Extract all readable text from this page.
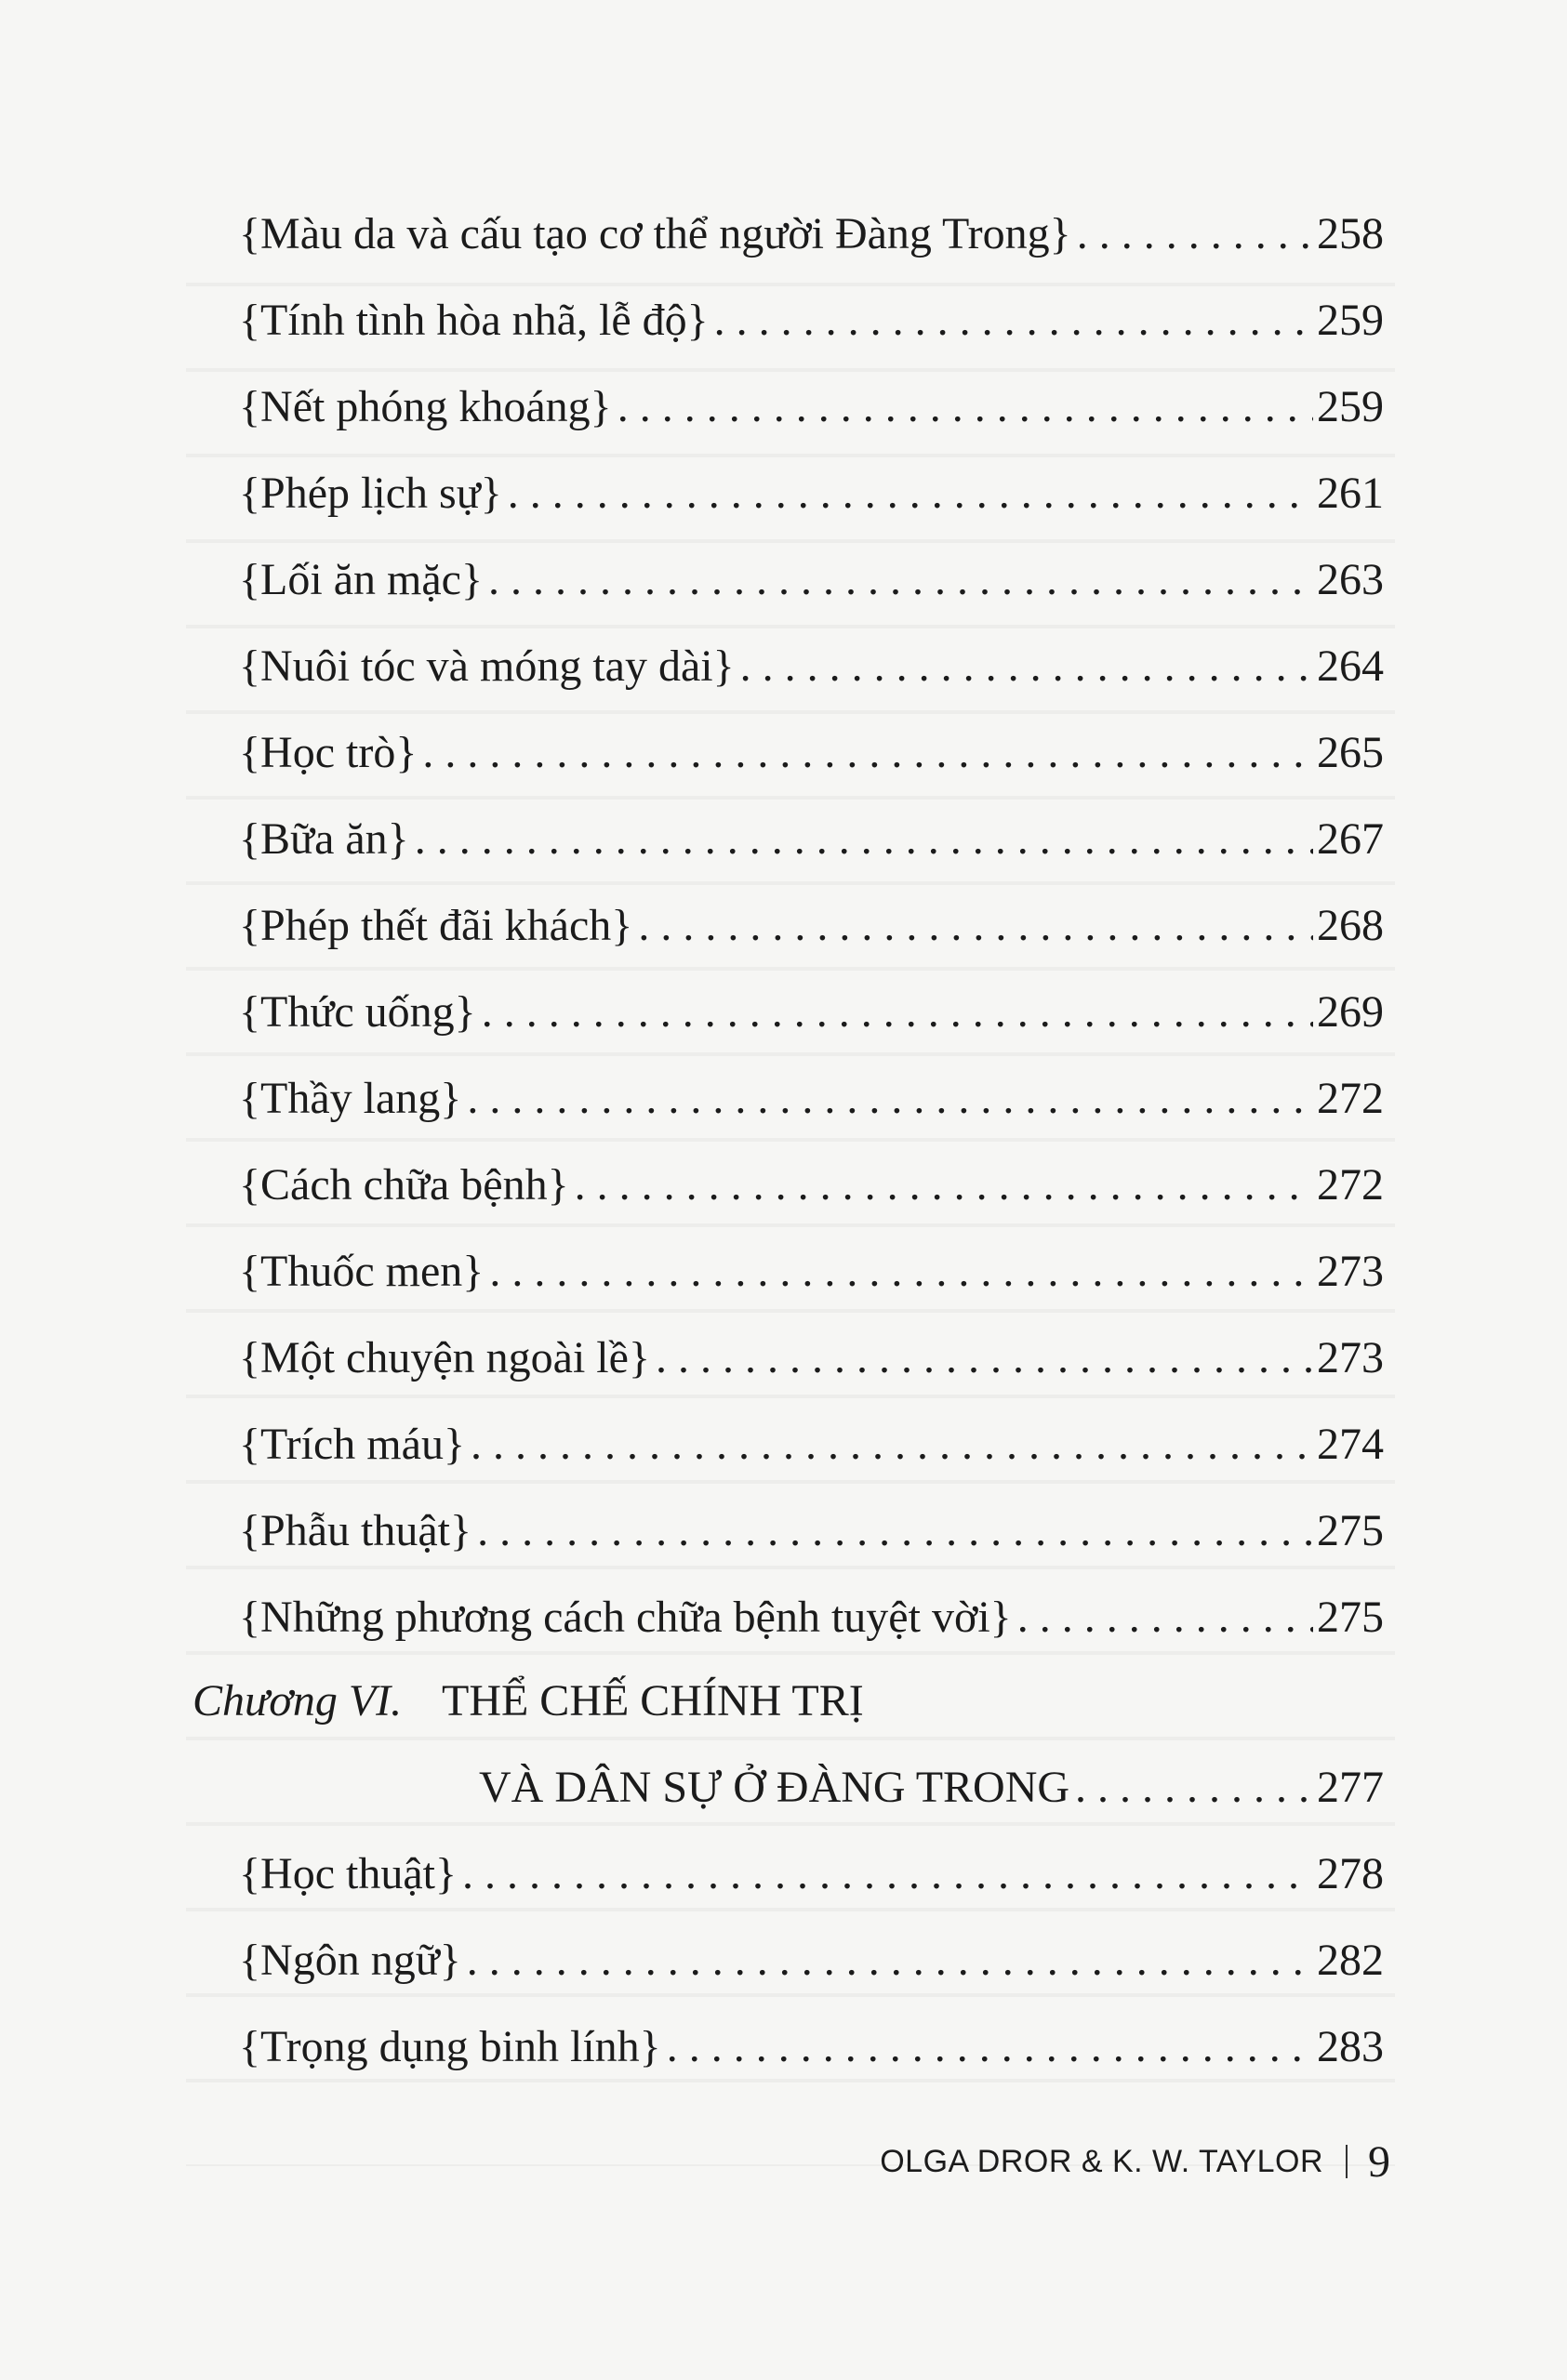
{Màu da và cấu tạo cơ thể người Đàng Trong} . . .	258
{Tính tình hòa nhã, lễ độ} . . .	259
{Nết phóng khoáng} . . .	259
{Phép lịch sự} . . .	261
{Lối ăn mặc} . . .	263
{Nuôi tóc và móng tay dài} . . .	264
{Học trò} . . .	265
{Bữa ăn} . . .	267
{Phép thết đãi khách} . . .	268
{Thức uống} . . .	269
{Thầy lang} . . .	272
{Cách chữa bệnh} . . .	272
{Thuốc men} . . .	273
{Một chuyện ngoài lề} . . .	273
{Trích máu} . . .	274
{Phẫu thuật} . . .	275
{Những phương cách chữa bệnh tuyệt vời} . . .	275
Chương VI. THỂ CHẾ CHÍNH TRỊ
VÀ DÂN SỰ Ở ĐÀNG TRONG . . .	277
{Học thuật} . . .	278
{Ngôn ngữ} . . .	282
{Trọng dụng binh lính} . . .	283
OLGA DROR & K. W. TAYLOR 9
